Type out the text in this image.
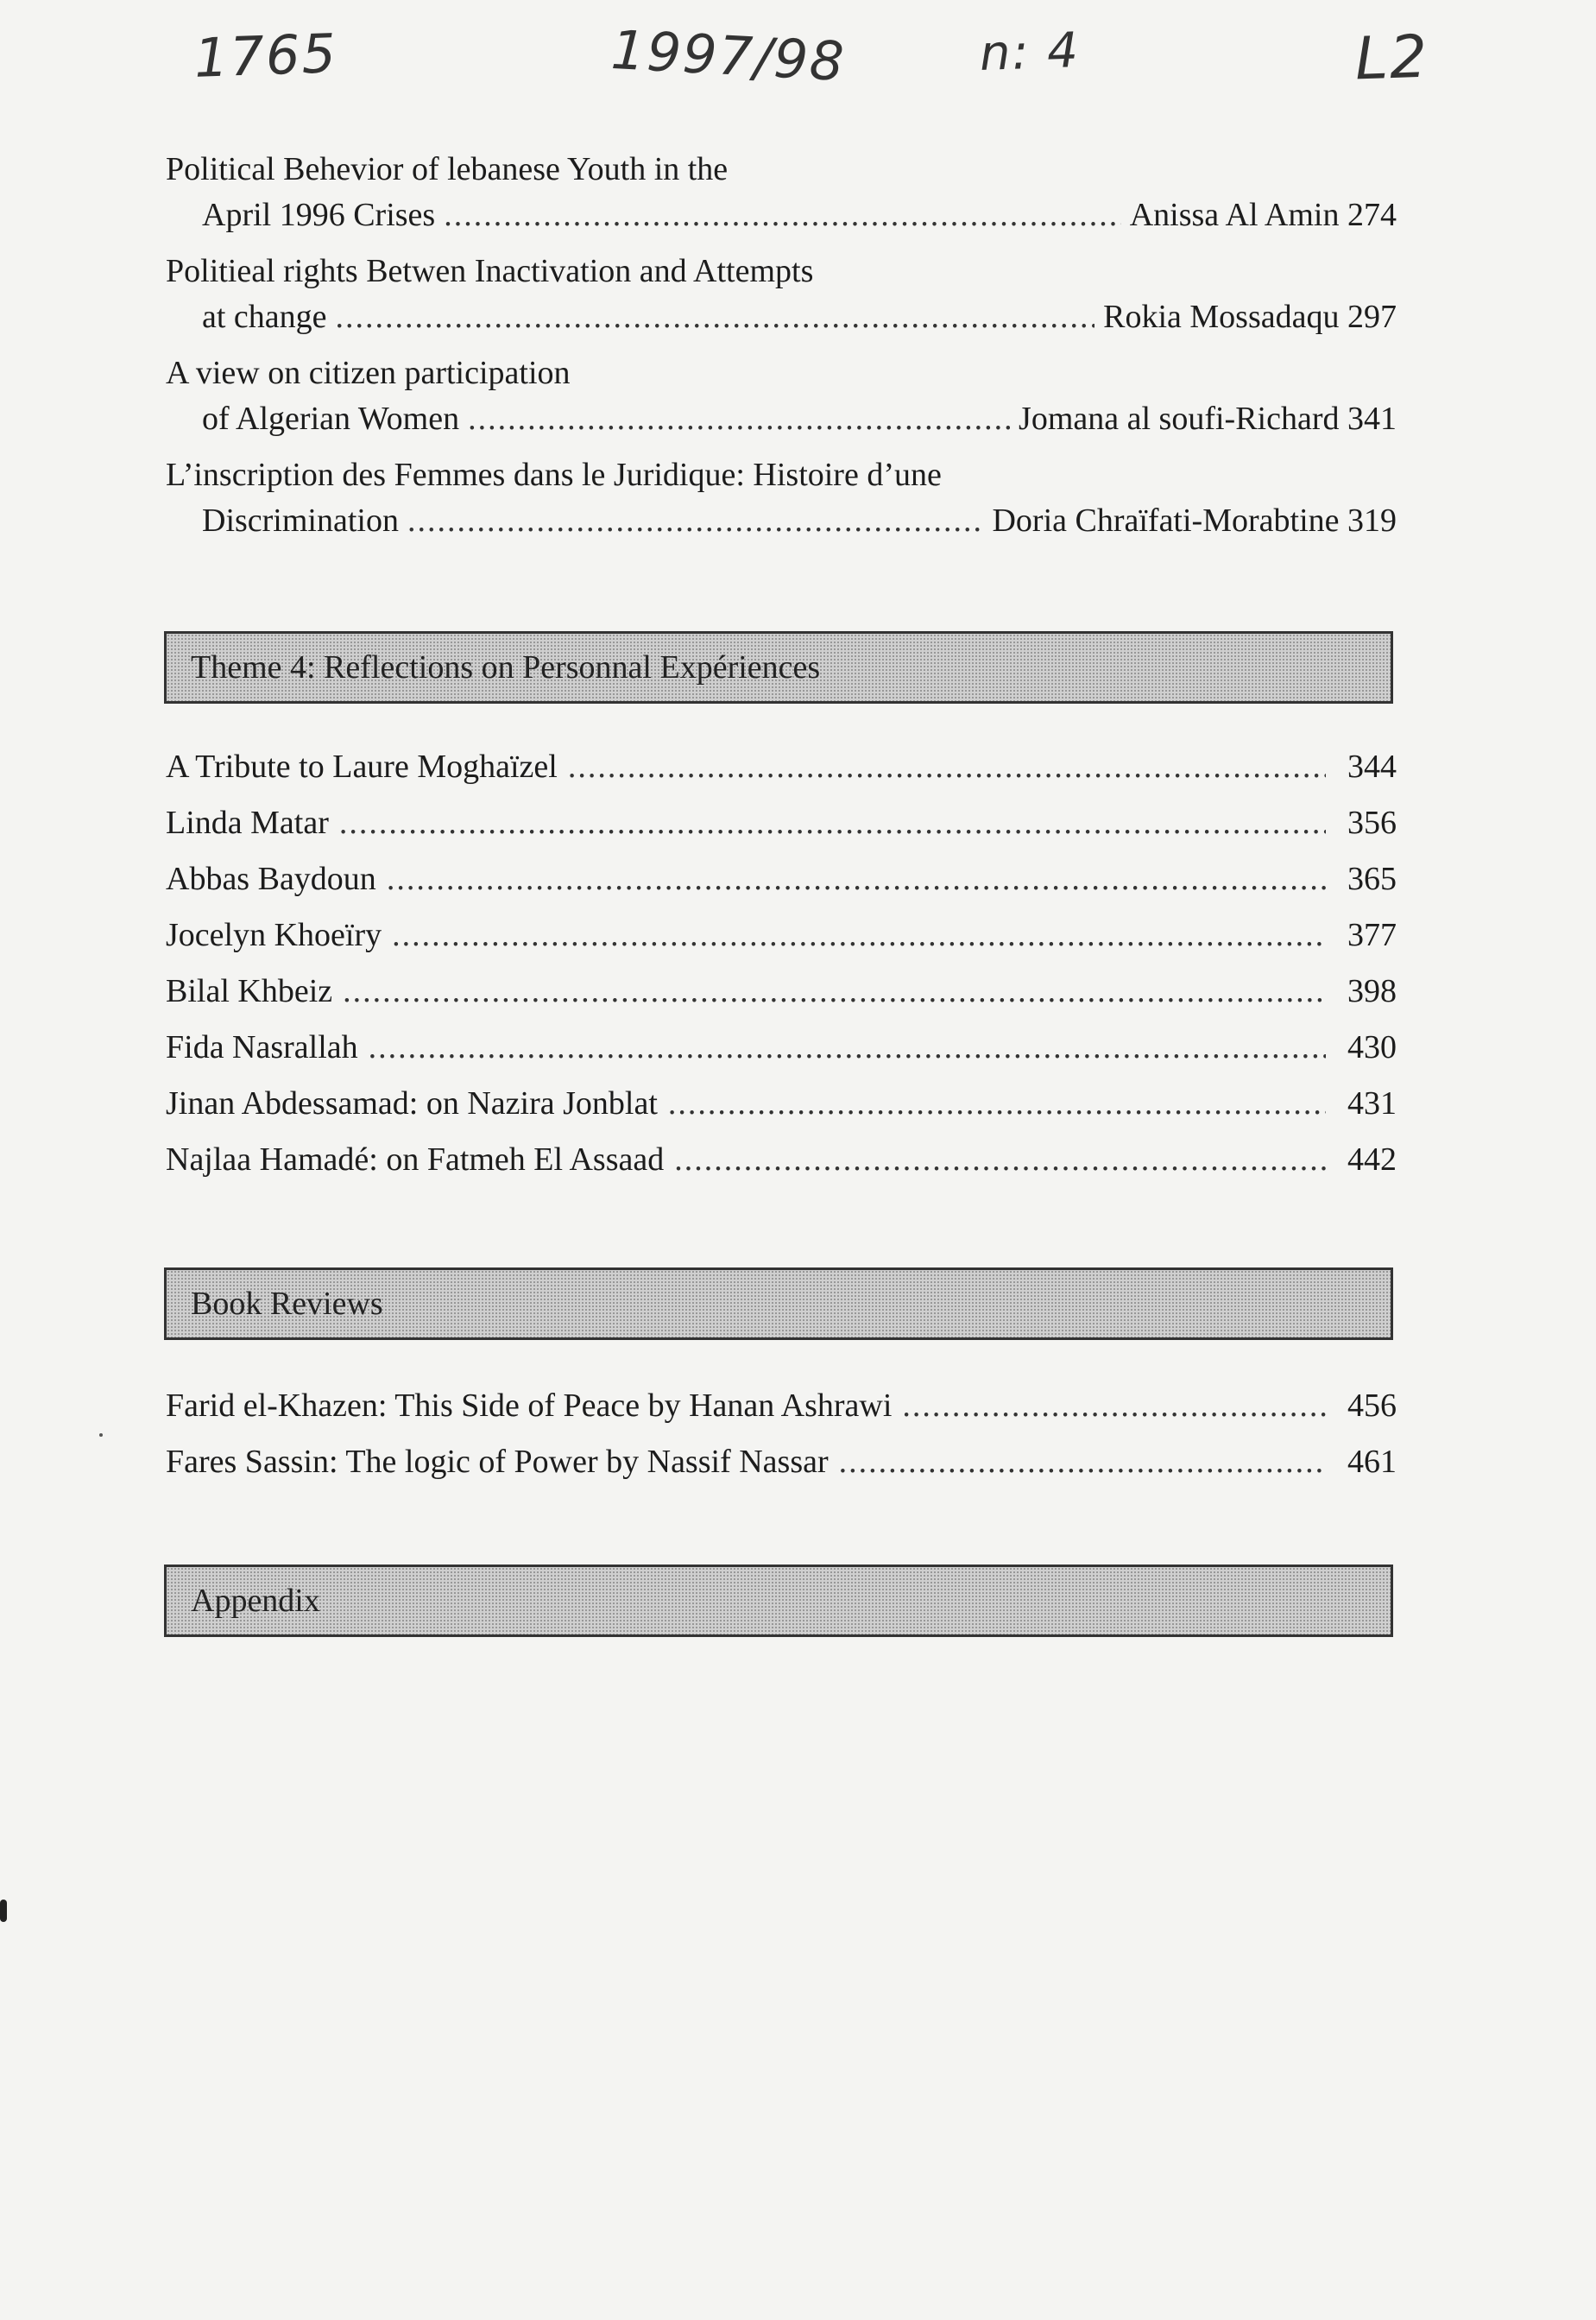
1765	1997/98	n: 4	L2
Political Behevior of lebanese Youth in the
April 1996 Crises .....	Anissa Al Amin 274
Politieal rights Betwen Inactivation and Attempts
at change .....	Rokia Mossadaqu 297
A view on citizen participation
of Algerian Women .....	Jomana al soufi-Richard 341
L’inscription des Femmes dans le Juridique: Histoire d’une
Discrimination .....	Doria Chraïfati-Morabtine 319
Theme 4: Reflections on Personnal Expériences
A Tribute to Laure Moghaïzel .....	344
Linda Matar .....	356
Abbas Baydoun .....	365
Jocelyn Khoeïry .....	377
Bilal Khbeiz .....	398
Fida Nasrallah .....	430
Jinan Abdessamad: on Nazira Jonblat .....	431
Najlaa Hamadé: on Fatmeh El Assaad .....	442
Book Reviews
Farid el-Khazen: This Side of Peace by Hanan Ashrawi .....	456
Fares Sassin: The logic of Power by Nassif Nassar .....	461
Appendix
